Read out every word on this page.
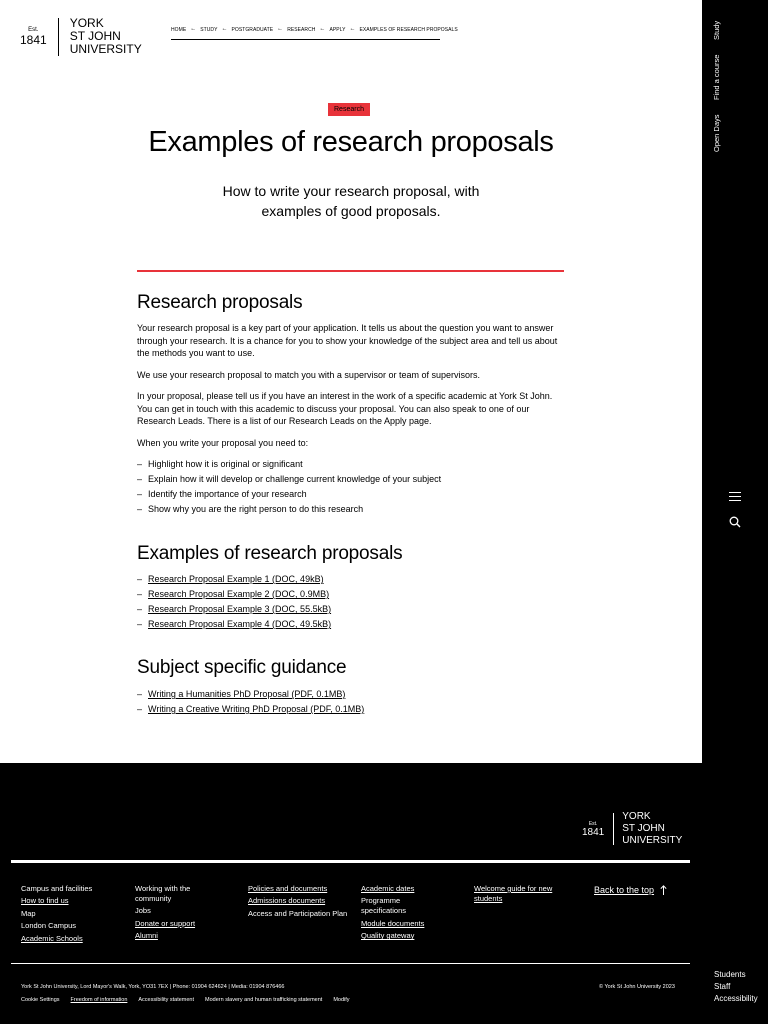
Est.
1841
YORK
ST JOHN
UNIVERSITY
HOME ← STUDY ← POSTGRADUATE ← RESEARCH ← APPLY ← EXAMPLES OF RESEARCH PROPOSALS
Research
Examples of research proposals

How to write your research proposal, with examples of good proposals.

Research proposals

Your research proposal is a key part of your application. It tells us about the question you want to answer through your research. It is a chance for you to show your knowledge of the subject area and tell us about the methods you want to use.

We use your research proposal to match you with a supervisor or team of supervisors.

In your proposal, please tell us if you have an interest in the work of a specific academic at York St John. You can get in touch with this academic to discuss your proposal. You can also speak to one of our Research Leads. There is a list of our Research Leads on the Apply page.

When you write your proposal you need to:

– Highlight how it is original or significant
– Explain how it will develop or challenge current knowledge of your subject
– Identify the importance of your research
– Show why you are the right person to do this research
Examples of research proposals
– Research Proposal Example 1 (DOC, 49kB)
– Research Proposal Example 2 (DOC, 0.9MB)
– Research Proposal Example 3 (DOC, 55.5kB)
– Research Proposal Example 4 (DOC, 49.5kB)
Subject specific guidance
– Writing a Humanities PhD Proposal (PDF, 0.1MB)
– Writing a Creative Writing PhD Proposal (PDF, 0.1MB)
Est.
1841
YORK
ST JOHN
UNIVERSITY
Campus and facilities
How to find us
Map
London Campus
Academic Schools
Working with the community
Jobs
Donate or support
Alumni
Policies and documents
Admissions documents
Access and Participation Plan
Academic dates
Programme specifications
Module documents
Quality gateway
Welcome guide for new students
Back to the top
York St John University, Lord Mayor's Walk, York, YO31 7EX | Phone: 01904 624624 | Media: 01904 876466	© York St John University 2023
Cookie Settings Freedom of information Accessibility statement Modern slavery and human trafficking statement Modify
Study
Find a course
Open Days
Students
Staff
Accessibility
